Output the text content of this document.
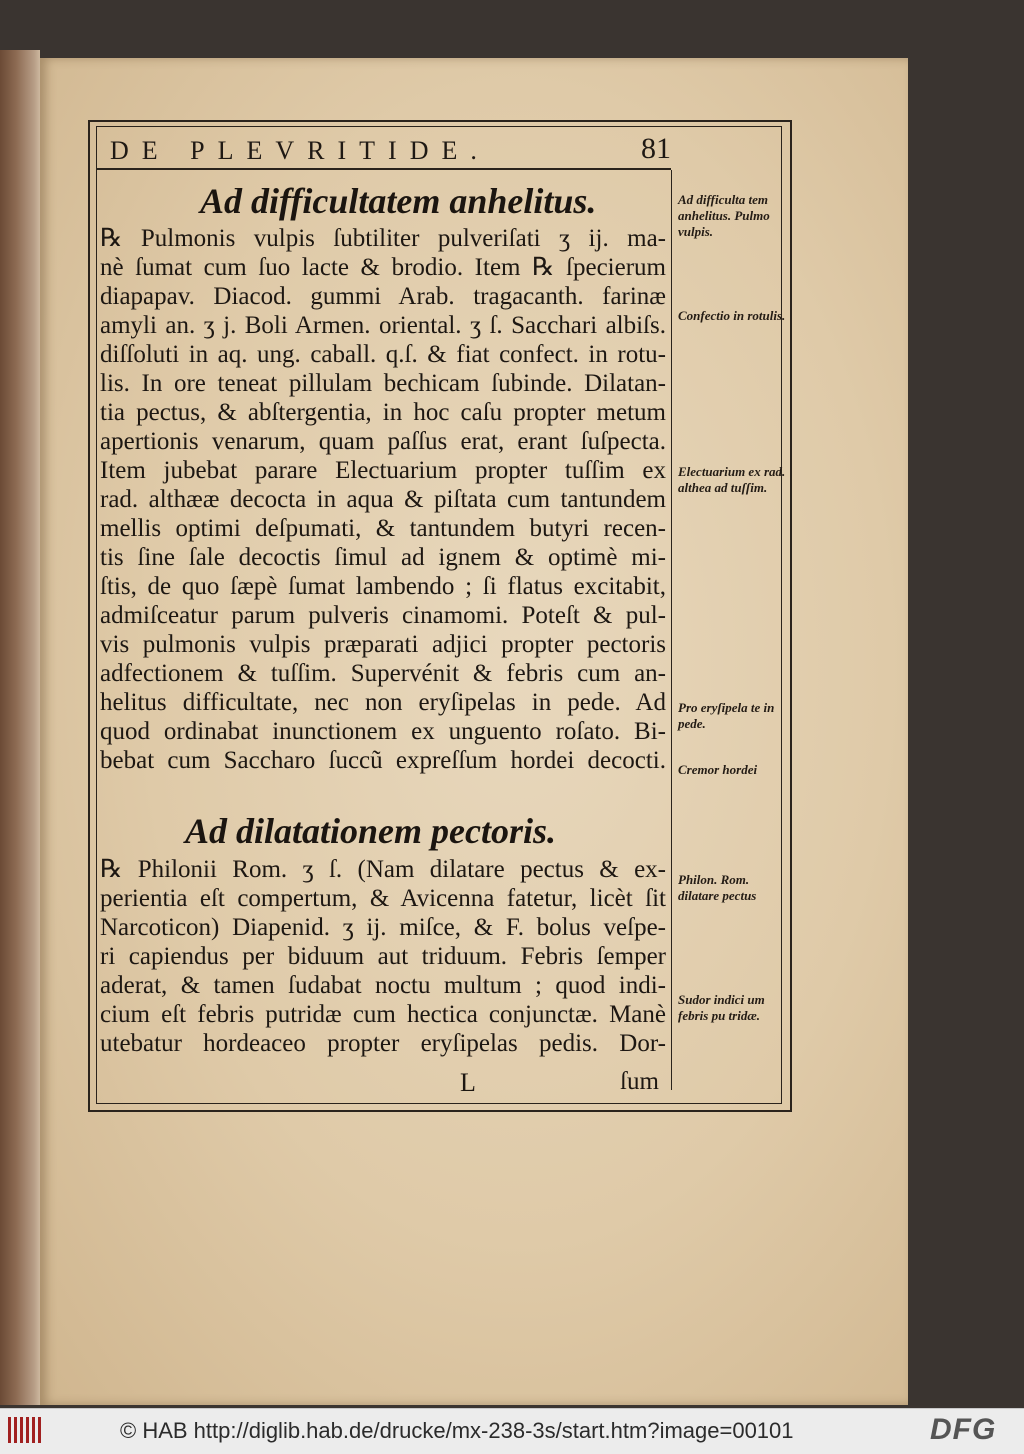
DE PLEVRITIDE.	81
Ad difficultatem anhelitus.
℞ Pulmonis vulpis ſubtiliter pulveriſati ʒ ij. ma-
nè ſumat cum ſuo lacte & brodio. Item ℞ ſpecierum
diapapav. Diacod. gummi Arab. tragacanth. farinæ
amyli an. ʒ j. Boli Armen. oriental. ʒ ſ. Sacchari albiſs.
diſſoluti in aq. ung. caball. q.ſ. & fiat confect. in rotu-
lis. In ore teneat pillulam bechicam ſubinde. Dilatan-
tia pectus, & abſtergentia, in hoc caſu propter metum
apertionis venarum, quam paſſus erat, erant ſuſpecta.
Item jubebat parare Electuarium propter tuſſim ex
rad. althææ decocta in aqua & piſtata cum tantundem
mellis optimi deſpumati, & tantundem butyri recen-
tis ſine ſale decoctis ſimul ad ignem & optimè mi-
ſtis, de quo ſæpè ſumat lambendo ; ſi flatus excitabit,
admiſceatur parum pulveris cinamomi. Poteſt & pul-
vis pulmonis vulpis præparati adjici propter pectoris
adfectionem & tuſſim. Supervénit & febris cum an-
helitus difficultate, nec non eryſipelas in pede. Ad
quod ordinabat inunctionem ex unguento roſato. Bi-
bebat cum Saccharo ſuccũ expreſſum hordei decocti.
Ad dilatationem pectoris.
℞ Philonii Rom. ʒ ſ. (Nam dilatare pectus & ex-
perientia eſt compertum, & Avicenna fatetur, licèt ſit
Narcoticon) Diapenid. ʒ ij. miſce, & F. bolus veſpe-
ri capiendus per biduum aut triduum. Febris ſemper
aderat, & tamen ſudabat noctu multum ; quod indi-
cium eſt febris putridæ cum hectica conjunctæ. Manè
utebatur hordeaceo propter eryſipelas pedis. Dor-
L	ſum
Ad difficulta tem anhelitus. Pulmo vulpis.
Confectio in rotulis.
Electuarium ex rad. althea ad tuſſim.
Pro eryſipela te in pede.
Cremor hordei
Philon. Rom. dilatare pectus
Sudor indici um febris pu tridæ.
© HAB http://diglib.hab.de/drucke/mx-238-3s/start.htm?image=00101	DFG
